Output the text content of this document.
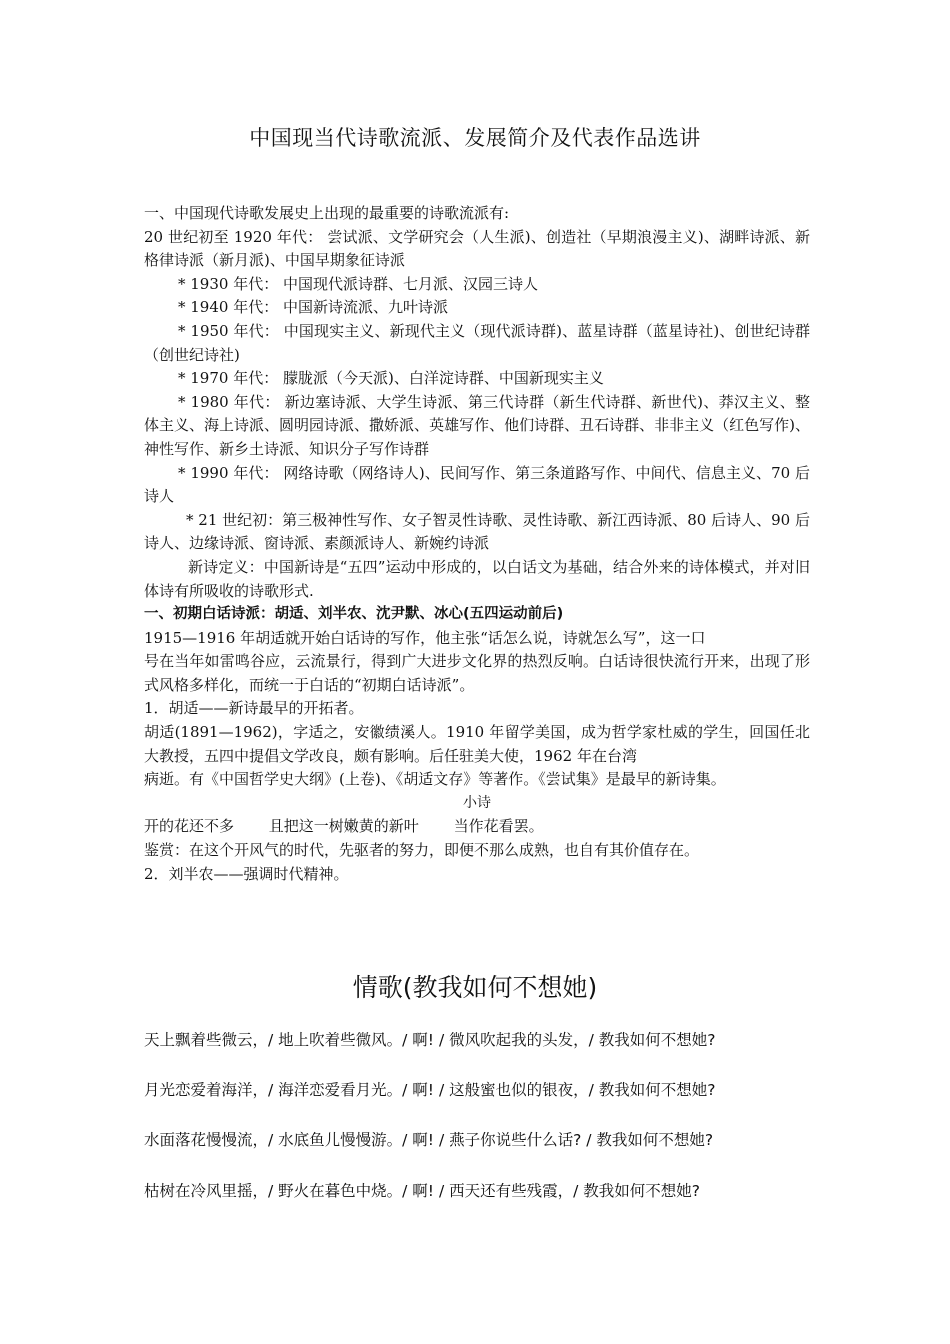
中国现当代诗歌流派、发展简介及代表作品选讲

一、中国现代诗歌发展史上出现的最重要的诗歌流派有:

20 世纪初至 1920 年代： 尝试派、文学研究会（人生派)、创造社（早期浪漫主义)、湖畔诗派、新格律诗派（新月派)、中国早期象征诗派

* 1930 年代： 中国现代派诗群、七月派、汉园三诗人

* 1940 年代： 中国新诗流派、九叶诗派

* 1950 年代： 中国现实主义、新现代主义（现代派诗群)、蓝星诗群（蓝星诗社)、创世纪诗群（创世纪诗社)

* 1970 年代： 朦胧派（今天派)、白洋淀诗群、中国新现实主义

* 1980 年代： 新边塞诗派、大学生诗派、第三代诗群（新生代诗群、新世代)、莽汉主义、整体主义、海上诗派、圆明园诗派、撒娇派、英雄写作、他们诗群、丑石诗群、非非主义（红色写作)、神性写作、新乡土诗派、知识分子写作诗群

* 1990 年代： 网络诗歌（网络诗人)、民间写作、第三条道路写作、中间代、信息主义、70 后诗人

* 21 世纪初：第三极神性写作、女子智灵性诗歌、灵性诗歌、新江西诗派、80 后诗人、90 后诗人、边缘诗派、窗诗派、素颜派诗人、新婉约诗派

新诗定义：中国新诗是“五四”运动中形成的，以白话文为基础，结合外来的诗体模式，并对旧体诗有所吸收的诗歌形式.

一、初期白话诗派：胡适、刘半农、沈尹默、冰心(五四运动前后)

1915—1916 年胡适就开始白话诗的写作，他主张“话怎么说，诗就怎么写”，这一口

号在当年如雷鸣谷应，云流景行，得到广大进步文化界的热烈反响。白话诗很快流行开来，出现了形式风格多样化，而统一于白话的“初期白话诗派”。

1．胡适——新诗最早的开拓者。

胡适(1891—1962)，字适之，安徽绩溪人。1910 年留学美国，成为哲学家杜威的学生，回国任北大教授，五四中提倡文学改良，颇有影响。后任驻美大使，1962 年在台湾

病逝。有《中国哲学史大纲》(上卷)、《胡适文存》等著作。《尝试集》是最早的新诗集。

小诗

开的花还不多 且把这一树嫩黄的新叶 当作花看罢。

鉴赏：在这个开风气的时代，先驱者的努力，即便不那么成熟，也自有其价值存在。

2．刘半农——强调时代精神。

情歌(教我如何不想她)
天上飘着些微云，/ 地上吹着些微风。/ 啊! / 微风吹起我的头发，/ 教我如何不想她?
月光恋爱着海洋，/ 海洋恋爱看月光。/ 啊! / 这般蜜也似的银夜，/ 教我如何不想她?
水面落花慢慢流，/ 水底鱼儿慢慢游。/ 啊! / 燕子你说些什么话? / 教我如何不想她?
枯树在冷风里摇，/ 野火在暮色中烧。/ 啊! / 西天还有些残霞，/ 教我如何不想她?
